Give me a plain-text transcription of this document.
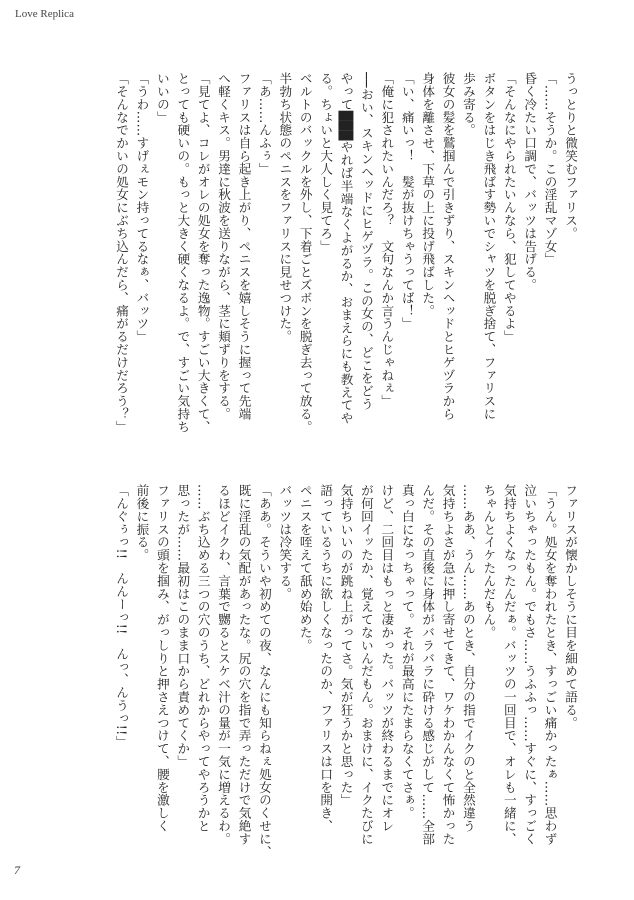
Love Replica

うっとりと微笑むファリス。

「……そうか。この淫乱マゾ女」

昏く冷たい口調で、バッツは告げる。

「そんなにやられたいんなら、犯してやるよ」

ボタンをはじき飛ばす勢いでシャツを脱ぎ捨て、ファリスに

歩み寄る。

彼女の髪を鷲掴んで引きずり、スキンヘッドとヒゲヅラから

身体を離させ、下草の上に投げ飛ばした。

「い、痛いっ！　髪が抜けちゃうってば！」

「俺に犯されたいんだろ？　文句なんか言うんじゃねぇ」

──おい、スキンヘッドにヒゲヅラ。この女の、どこをどう

やって███やれば半端なくよがるか、おまえらにも教えてや

る。ちょいと大人しく見てろ」

ベルトのバックルを外し、下着ごとズボンを脱ぎ去って放る。

半勃ち状態のペニスをファリスに見せつけた。

「あ……んふぅ」

ファリスは自ら起き上がり、ペニスを嬉しそうに握って先端

へ軽くキス。男達に秋波を送りながら、茎に頬ずりをする。

「見てよ、コレがオレの処女を奪った逸物。すごい大きくて、

とっても硬いの。もっと大きく硬くなるよ。で、すごい気持ち

いいの」

「うわ……すげぇモン持ってるなぁ、バッツ」

「そんなでかいの処女にぶち込んだら、痛がるだけだろう？」

ファリスが懐かしそうに目を細めて語る。

「うん。処女を奪われたとき、すっごい痛かったぁ……思わず

泣いちゃったもん。でもさ……うふふっ……すぐに、すっごく

気持ちよくなったんだぁ。バッツの一回目で、オレも一緒に、

ちゃんとイケたんだもん。

……ああ、うん……あのとき、自分の指でイクのと全然違う

気持ちよさが急に押し寄せてきて、ワケわかんなくて怖かった

んだ。その直後に身体がバラバラに砕ける感じがして……全部

真っ白になっちゃって。それが最高にたまらなくてさぁ。

けど、二回目はもっと凄かった。バッツが終わるまでにオレ

が何回イッたか、覚えてないんだもん。おまけに、イクたびに

気持ちいいのが跳ね上がってさ。気が狂うかと思った」

語っているうちに欲しくなったのか、ファリスは口を開き、

ペニスを咥えて舐め始めた。

バッツは冷笑する。

「ああ。そういや初めての夜、なんにも知らねぇ処女のくせに、

既に淫乱の気配があったな。尻の穴を指で弄っただけで気絶す

るほどイクわ、言葉で嬲るとスケベ汁の量が一気に増えるわ。

……ぶち込める三つの穴のうち、どれからやってやろうかと

思ったが……最初はこのまま口から責めてくか」

ファリスの頭を掴み、がっしりと押さえつけて、腰を激しく

前後に振る。

「んぐぅっ!!　んんーっ!!　んっ、んうっ!!」

7
